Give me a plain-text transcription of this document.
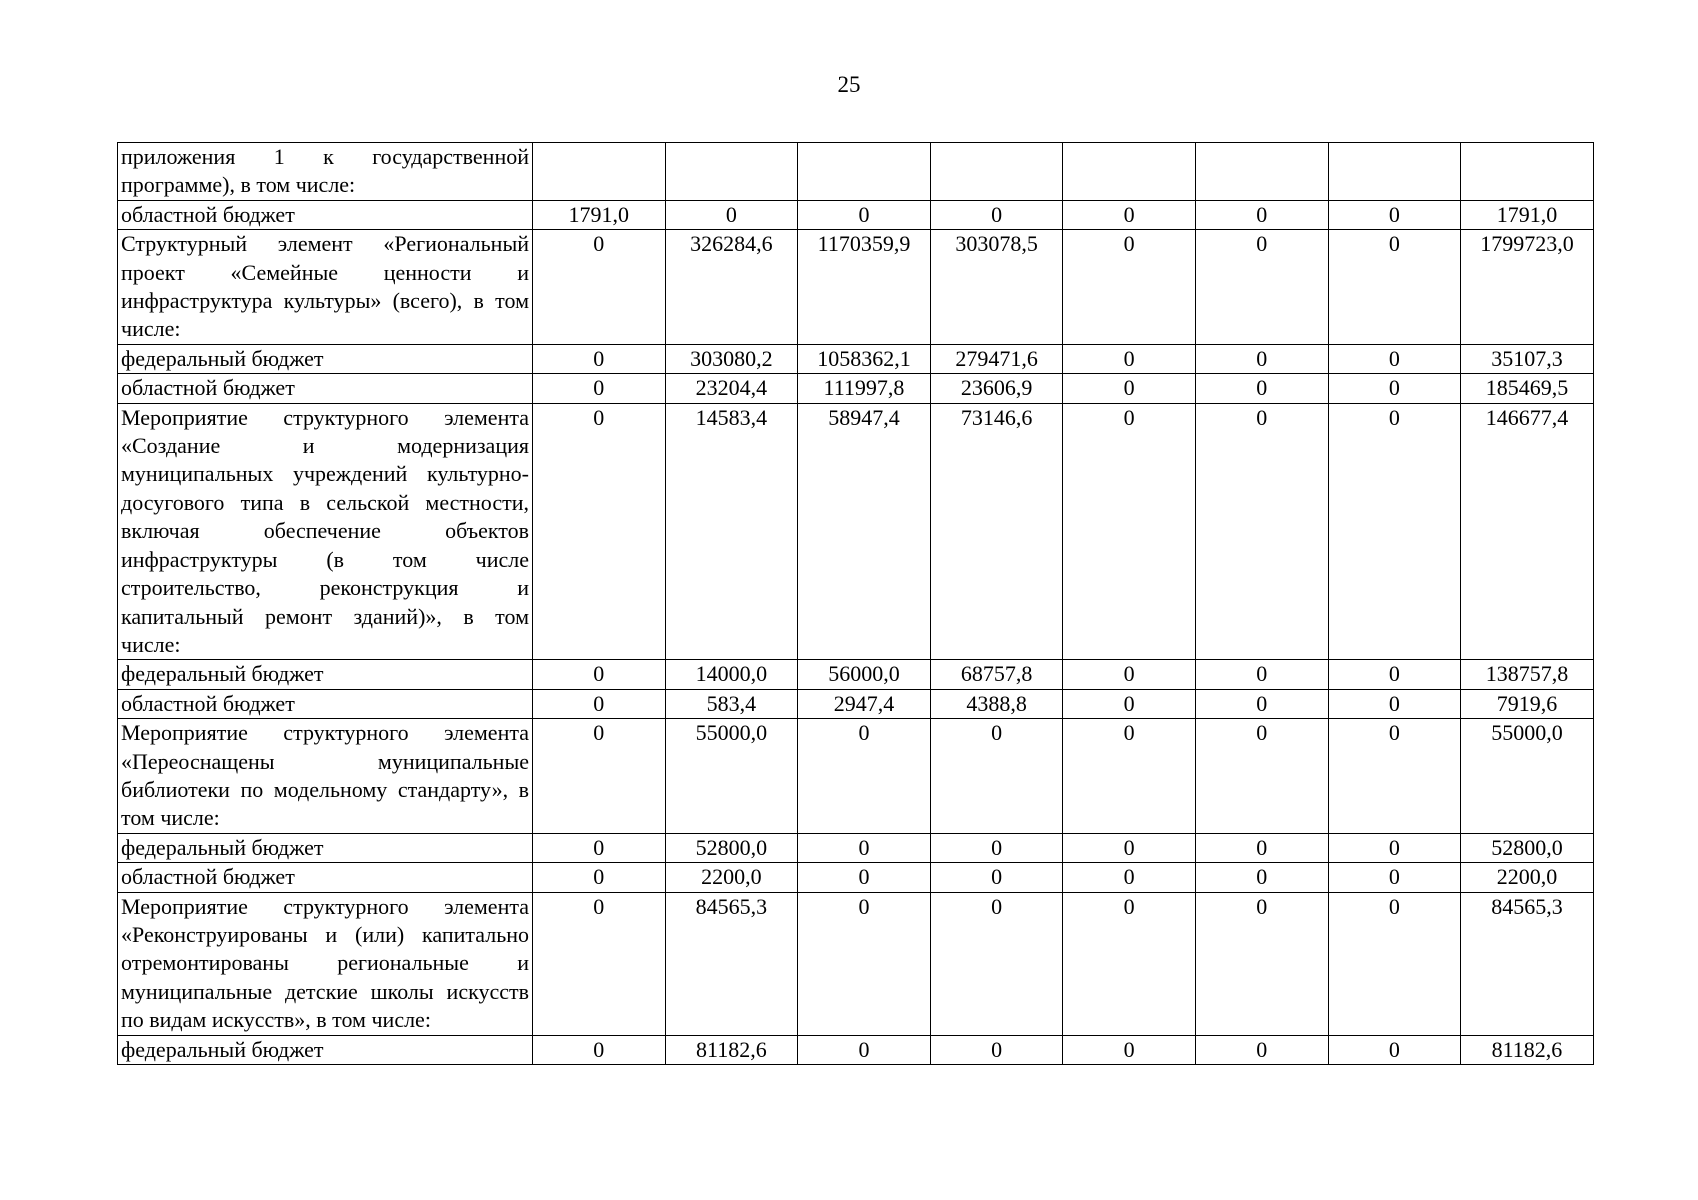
25
приложения 1 к государственной программе), в том числе:								
областной бюджет	1791,0	0	0	0	0	0	0	1791,0
Структурный элемент «Региональный проект «Семейные ценности и инфраструктура культуры» (всего), в том числе:	0	326284,6	1170359,9	303078,5	0	0	0	1799723,0
федеральный бюджет	0	303080,2	1058362,1	279471,6	0	0	0	35107,3
областной бюджет	0	23204,4	111997,8	23606,9	0	0	0	185469,5
Мероприятие структурного элемента «Создание и модернизация муниципальных учреждений культурно-досугового типа в сельской местности, включая обеспечение объектов инфраструктуры (в том числе строительство, реконструкция и капитальный ремонт зданий)», в том числе:	0	14583,4	58947,4	73146,6	0	0	0	146677,4
федеральный бюджет	0	14000,0	56000,0	68757,8	0	0	0	138757,8
областной бюджет	0	583,4	2947,4	4388,8	0	0	0	7919,6
Мероприятие структурного элемента «Переоснащены муниципальные библиотеки по модельному стандарту», в том числе:	0	55000,0	0	0	0	0	0	55000,0
федеральный бюджет	0	52800,0	0	0	0	0	0	52800,0
областной бюджет	0	2200,0	0	0	0	0	0	2200,0
Мероприятие структурного элемента «Реконструированы и (или) капитально отремонтированы региональные и муниципальные детские школы искусств по видам искусств», в том числе:	0	84565,3	0	0	0	0	0	84565,3
федеральный бюджет	0	81182,6	0	0	0	0	0	81182,6
